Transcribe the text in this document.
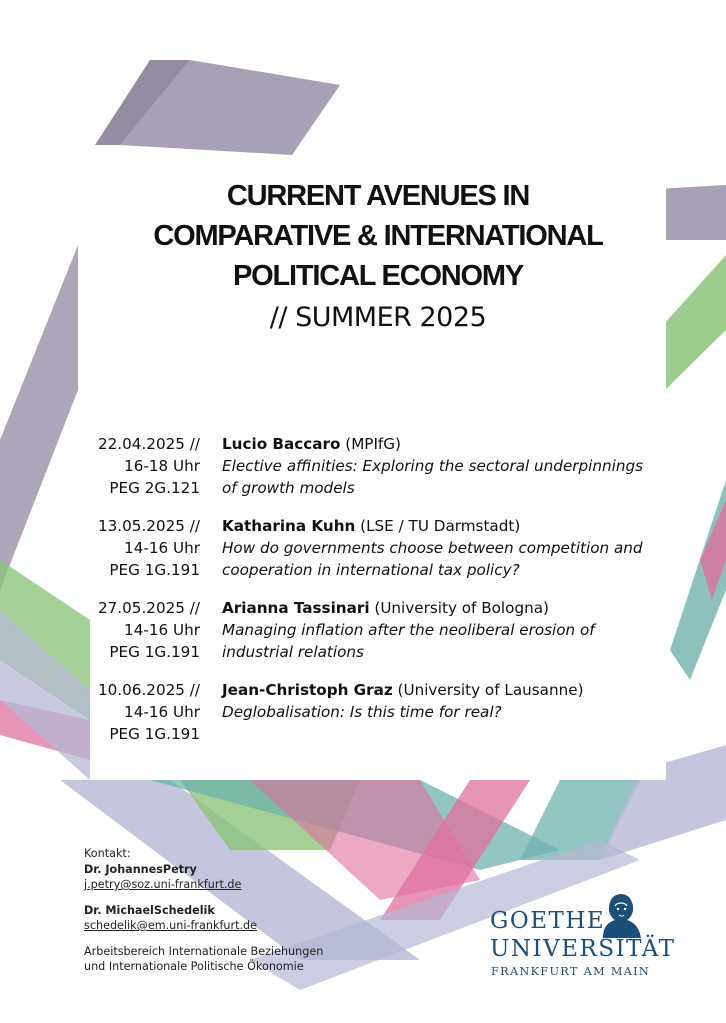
CURRENT AVENUES IN
COMPARATIVE & INTERNATIONAL
POLITICAL ECONOMY
// SUMMER 2025
22.04.2025 //
16-18 Uhr
PEG 2G.121
Lucio Baccaro (MPIfG)
Elective affinities: Exploring the sectoral underpinnings of growth models
13.05.2025 //
14-16 Uhr
PEG 1G.191
Katharina Kuhn (LSE / TU Darmstadt)
How do governments choose between competition and cooperation in international tax policy?
27.05.2025 //
14-16 Uhr
PEG 1G.191
Arianna Tassinari (University of Bologna)
Managing inflation after the neoliberal erosion of industrial relations
10.06.2025 //
14-16 Uhr
PEG 1G.191
Jean-Christoph Graz (University of Lausanne)
Deglobalisation: Is this time for real?
Kontakt:
Dr. JohannesPetry
j.petry@soz.uni-frankfurt.de
Dr. MichaelSchedelik
schedelik@em.uni-frankfurt.de
Arbeitsbereich Internationale Beziehungen
und Internationale Politische Ökonomie
GOETHE
UNIVERSITÄT
FRANKFURT AM MAIN
